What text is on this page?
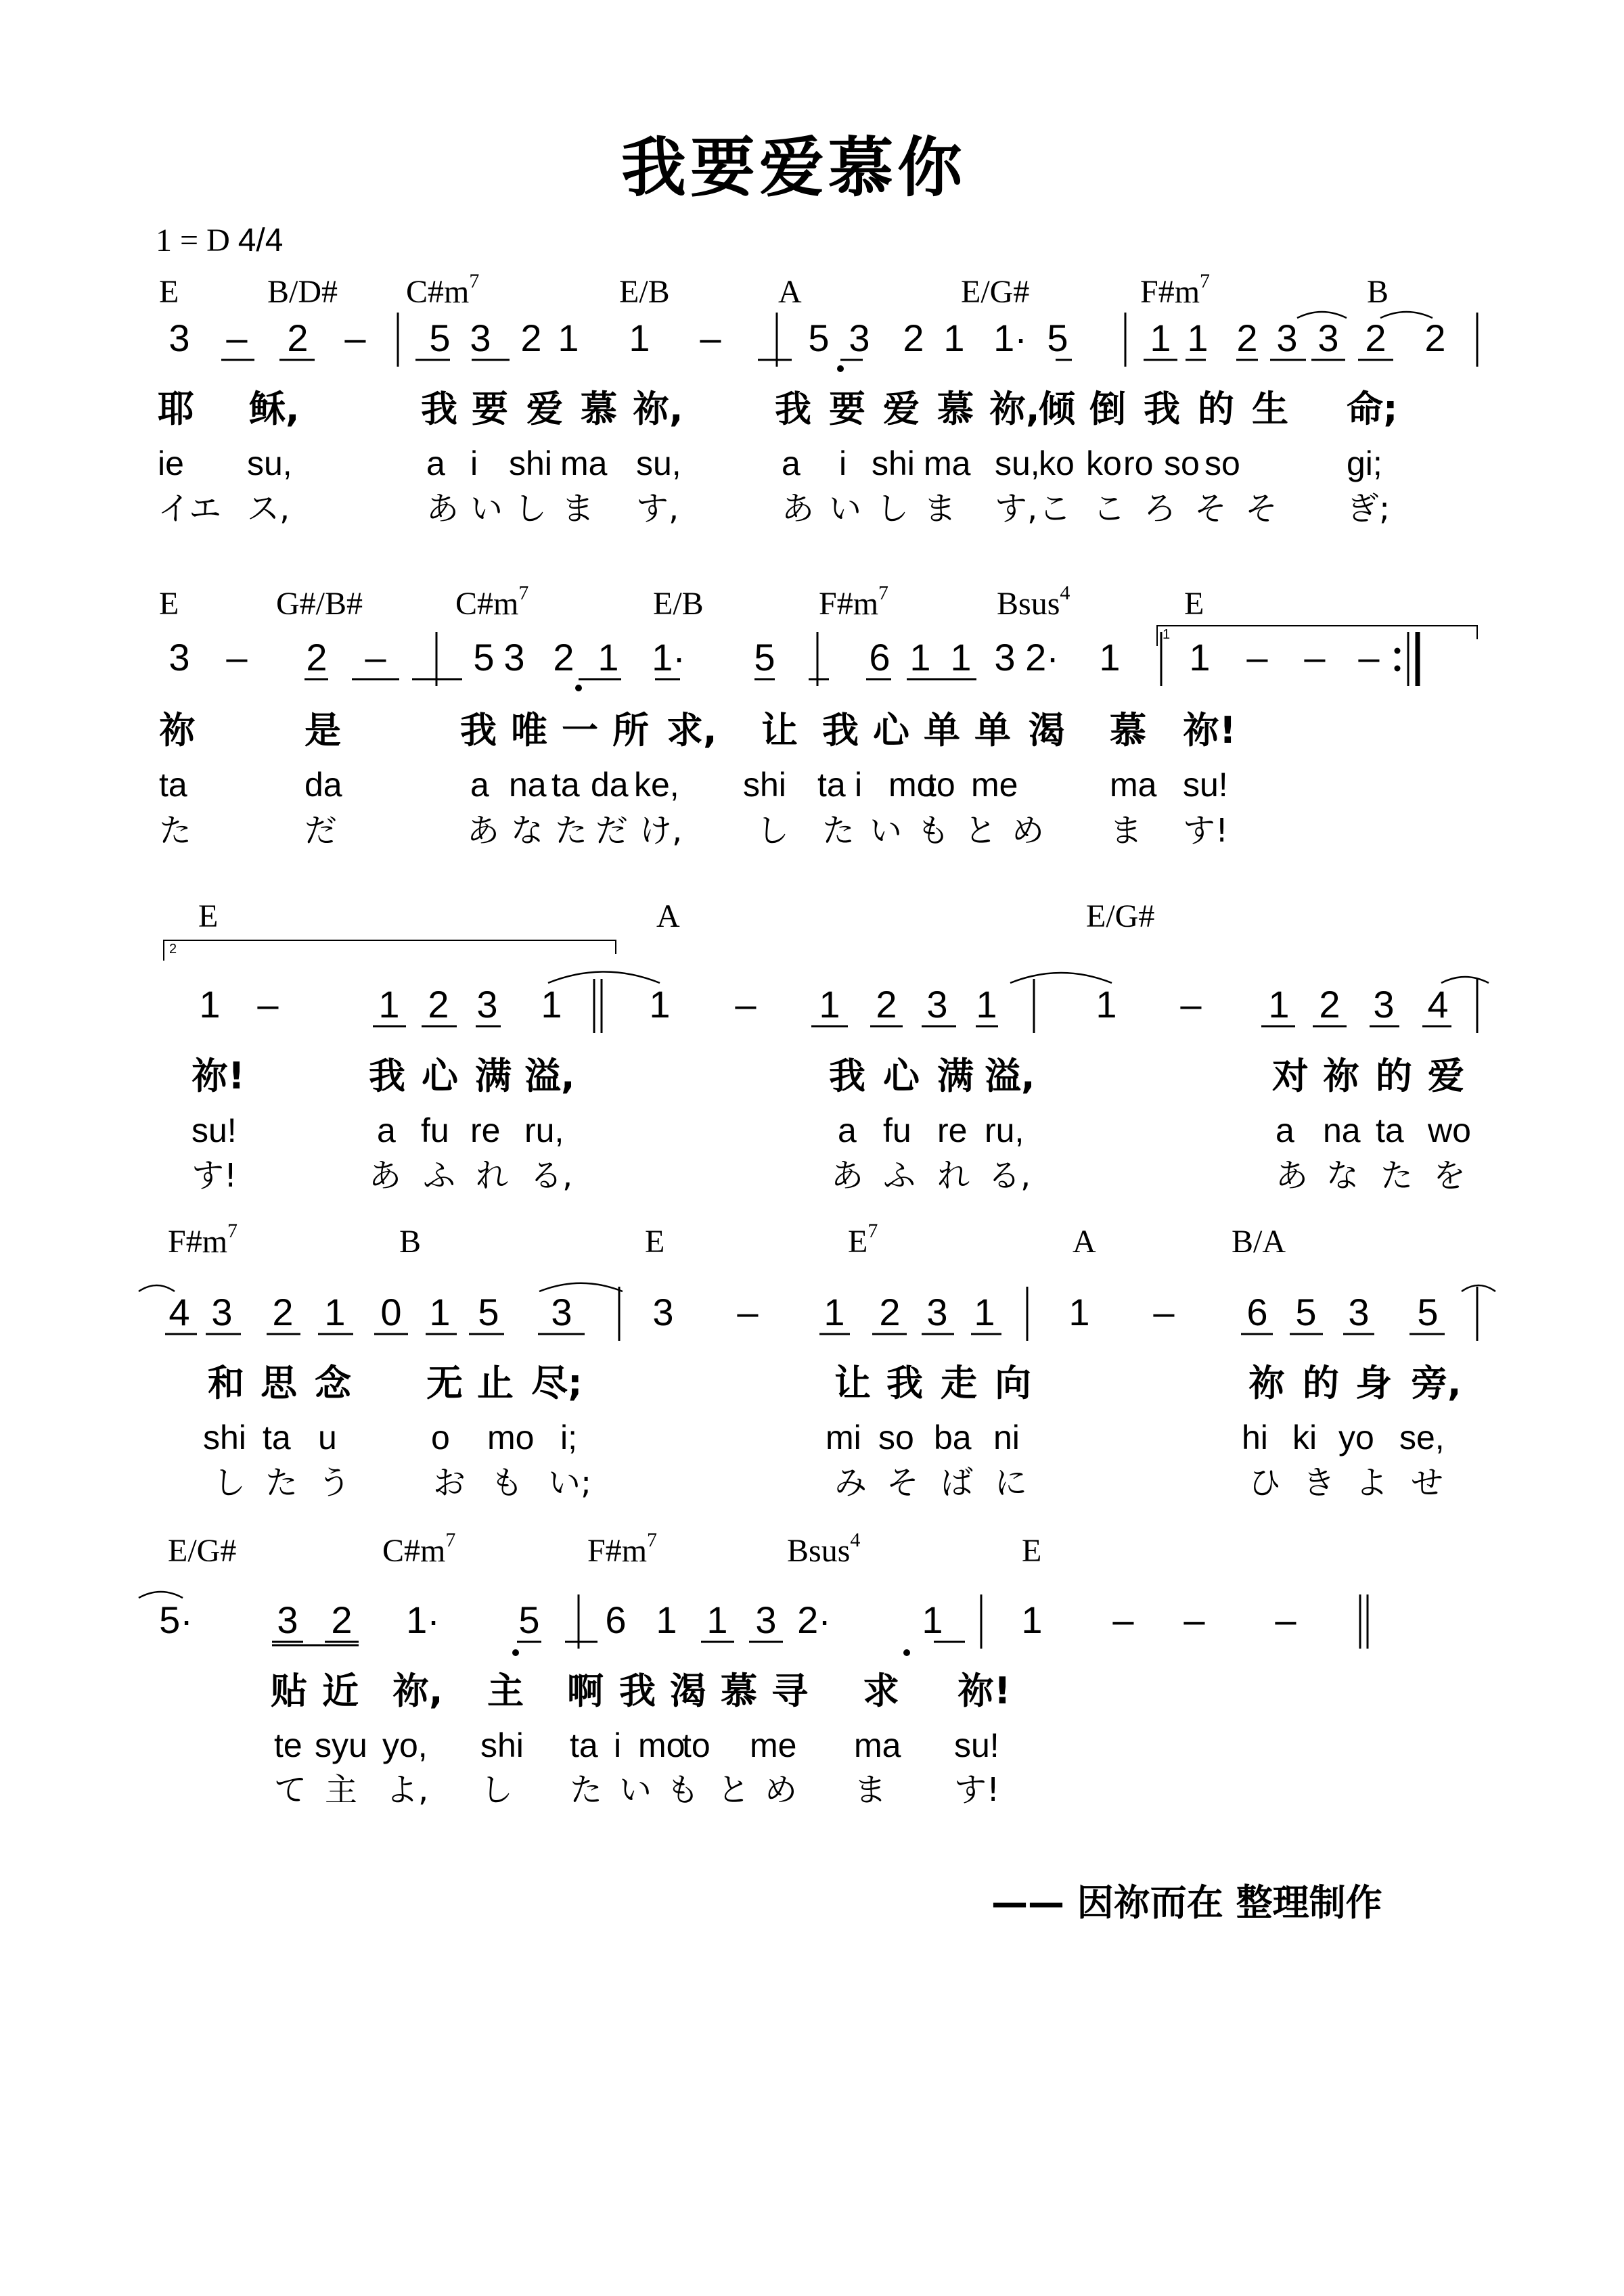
我要爱慕你
1 = D 4/4
E	B/D# $C\#m^7$	E/B	A	E/G#	$F\#m^7$	B
3 – 2 – 5 3 2 1 1 – 5 3 2 1 1· 5 1 1 2 3 3 2 2
耶 稣,	我 要 爱 慕 祢,	我 要 爱 慕 祢,
倾 倒 我 的 生 命;
ie su,	a i shi ma su,	a i shi ma su,
ko ko ro so so	gi;
イエ ス,	あ い し ま す,	あ い し ま す, こ こ ろ そ そ ぎ;
E	G#/B#	$C\#m^7$	E/B	$F\#m^7$	Bsus$^4$	E
3 – 2 – 5 3 2 1 1· 5 6 1 1 3 2· 1 1 – – –
祢	是	我 唯 一 所 求, 让 我 心 单 单 渴 慕 祢!
ta	da	a na ta da ke, shi ta i mo
to me	ma su!
た	だ	あ な た だ け, し た い も と め ま す!
E	A	E/G#
1 –	1 2 3 1 1 – 1 2 3 1	1 – 1 2 3 4
祢!	我 心 满 溢,	我 心 满 溢,	对 祢 的 爱
su!	a fu re ru,	a fu re ru,	a na ta wo
す!	あ ふ れ る,	あ ふ れ る,	あ な た を
$F\#m^7$	B	E	$E^7$	A	B/A
4 3 2 1 0 1 5 3 3 – 1 2 3 1 1 – 6 5 3 5
和 思 念 无 止 尽;	让 我 走 向	祢 的 身 旁,
shi ta u	o mo i;	mi so ba ni	hi ki yo se,
し た う	お も い;	み そ ば に	ひ き よ せ
E/G#	$C\#m^7$	$F\#m^7$	Bsus$^4$	E
5· 3 2 1· 5 6 1 1 3 2· 1 1 – – –
贴 近 祢, 主 啊 我 渴 慕 寻 求 祢!
te syu yo, shi ta i mo
to me ma su!
て 主 よ, し た い も と め ま す!
1
2
—— 因祢而在 整理制作
